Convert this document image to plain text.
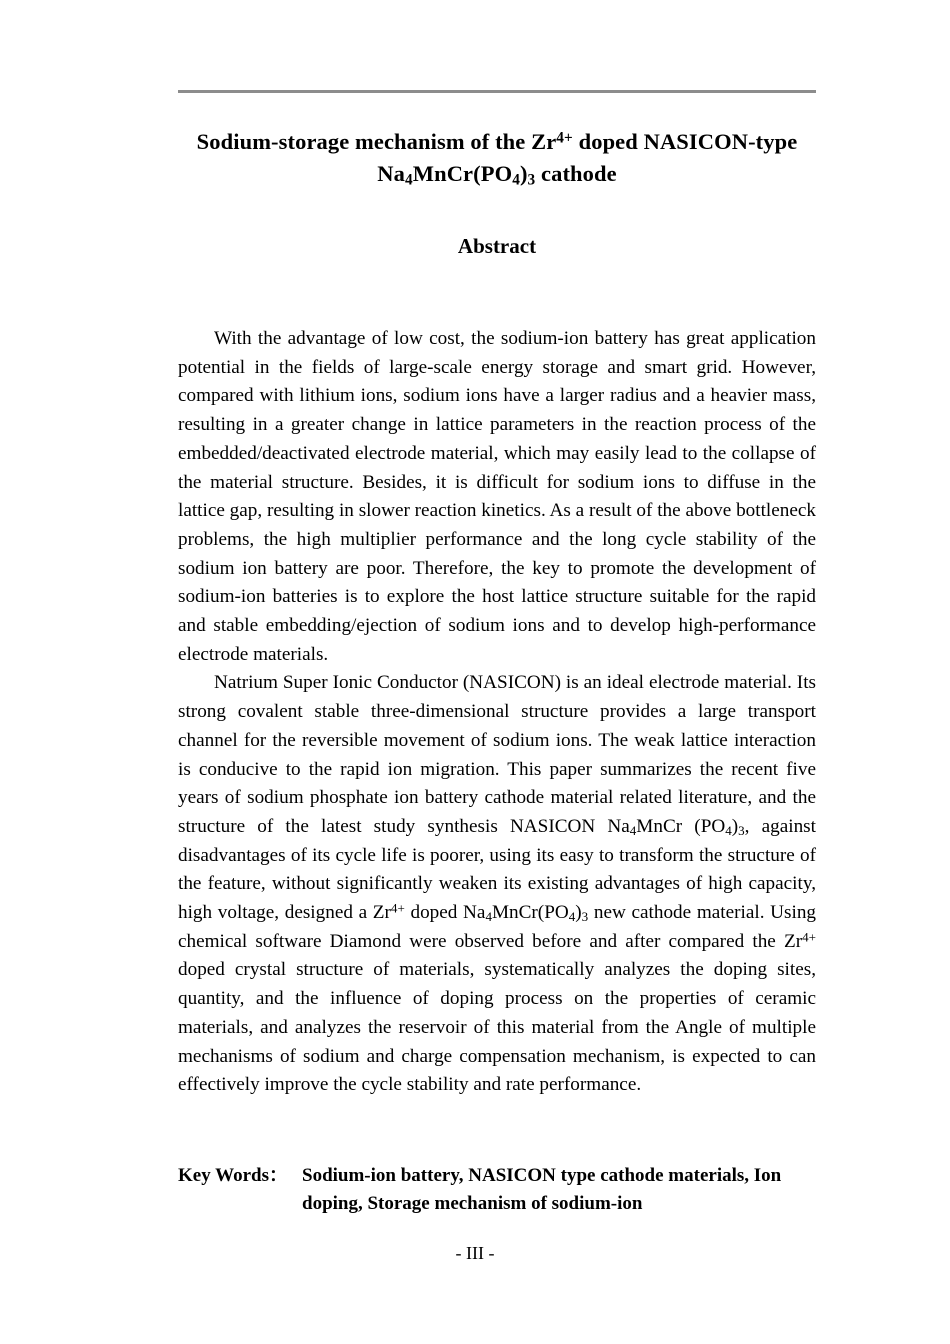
Sodium-storage mechanism of the $Zr^{4+}$ doped NASICON-type
$Na_4MnCr(PO_4)_3$ cathode
Abstract

With the advantage of low cost, the sodium-ion battery has great application potential in the fields of large-scale energy storage and smart grid. However, compared with lithium ions, sodium ions have a larger radius and a heavier mass, resulting in a greater change in lattice parameters in the reaction process of the embedded/deactivated electrode material, which may easily lead to the collapse of the material structure. Besides, it is difficult for sodium ions to diffuse in the lattice gap, resulting in slower reaction kinetics. As a result of the above bottleneck problems, the high multiplier performance and the long cycle stability of the sodium ion battery are poor. Therefore, the key to promote the development of sodium-ion batteries is to explore the host lattice structure suitable for the rapid and stable embedding/ejection of sodium ions and to develop high-performance electrode materials.

Natrium Super Ionic Conductor (NASICON) is an ideal electrode material. Its strong covalent stable three-dimensional structure provides a large transport channel for the reversible movement of sodium ions. The weak lattice interaction is conducive to the rapid ion migration. This paper summarizes the recent five years of sodium phosphate ion battery cathode material related literature, and the structure of the latest study synthesis NASICON $Na_4MnCr$ $(PO_4)_3$, against disadvantages of its cycle life is poorer, using its easy to transform the structure of the feature, without significantly weaken its existing advantages of high capacity, high voltage, designed a $Zr^{4+}$ doped $Na_4MnCr(PO_4)_3$ new cathode material. Using chemical software Diamond were observed before and after compared the $Zr^{4+}$ doped crystal structure of materials, systematically analyzes the doping sites, quantity, and the influence of doping process on the properties of ceramic materials, and analyzes the reservoir of this material from the Angle of multiple mechanisms of sodium and charge compensation mechanism, is expected to can effectively improve the cycle stability and rate performance.

Key Words： Sodium-ion battery, NASICON type cathode materials, Ion doping, Storage mechanism of sodium-ion
- III -
